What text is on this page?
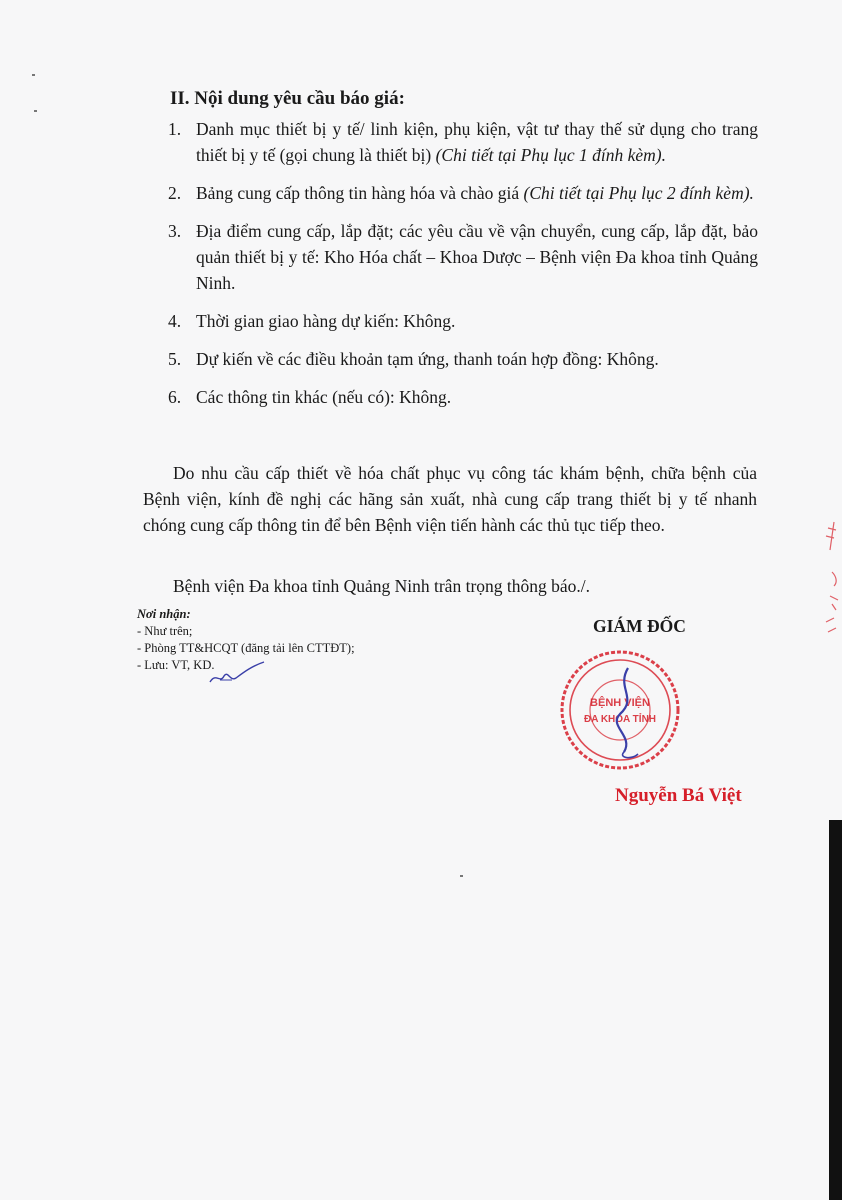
II. Nội dung yêu cầu báo giá:
1. Danh mục thiết bị y tế/ linh kiện, phụ kiện, vật tư thay thế sử dụng cho trang thiết bị y tế (gọi chung là thiết bị) (Chi tiết tại Phụ lục 1 đính kèm).
2. Bảng cung cấp thông tin hàng hóa và chào giá (Chi tiết tại Phụ lục 2 đính kèm).
3. Địa điểm cung cấp, lắp đặt; các yêu cầu về vận chuyển, cung cấp, lắp đặt, bảo quản thiết bị y tế: Kho Hóa chất – Khoa Dược – Bệnh viện Đa khoa tỉnh Quảng Ninh.
4. Thời gian giao hàng dự kiến: Không.
5. Dự kiến về các điều khoản tạm ứng, thanh toán hợp đồng: Không.
6. Các thông tin khác (nếu có): Không.

Do nhu cầu cấp thiết về hóa chất phục vụ công tác khám bệnh, chữa bệnh của Bệnh viện, kính đề nghị các hãng sản xuất, nhà cung cấp trang thiết bị y tế nhanh chóng cung cấp thông tin để bên Bệnh viện tiến hành các thủ tục tiếp theo.

Bệnh viện Đa khoa tỉnh Quảng Ninh trân trọng thông báo./.

Nơi nhận:
- Như trên;
- Phòng TT&HCQT (đăng tải lên CTTĐT);
- Lưu: VT, KD.
GIÁM ĐỐC
BỆNH VIỆN
ĐA KHOA TỈNH
Nguyễn Bá Việt
